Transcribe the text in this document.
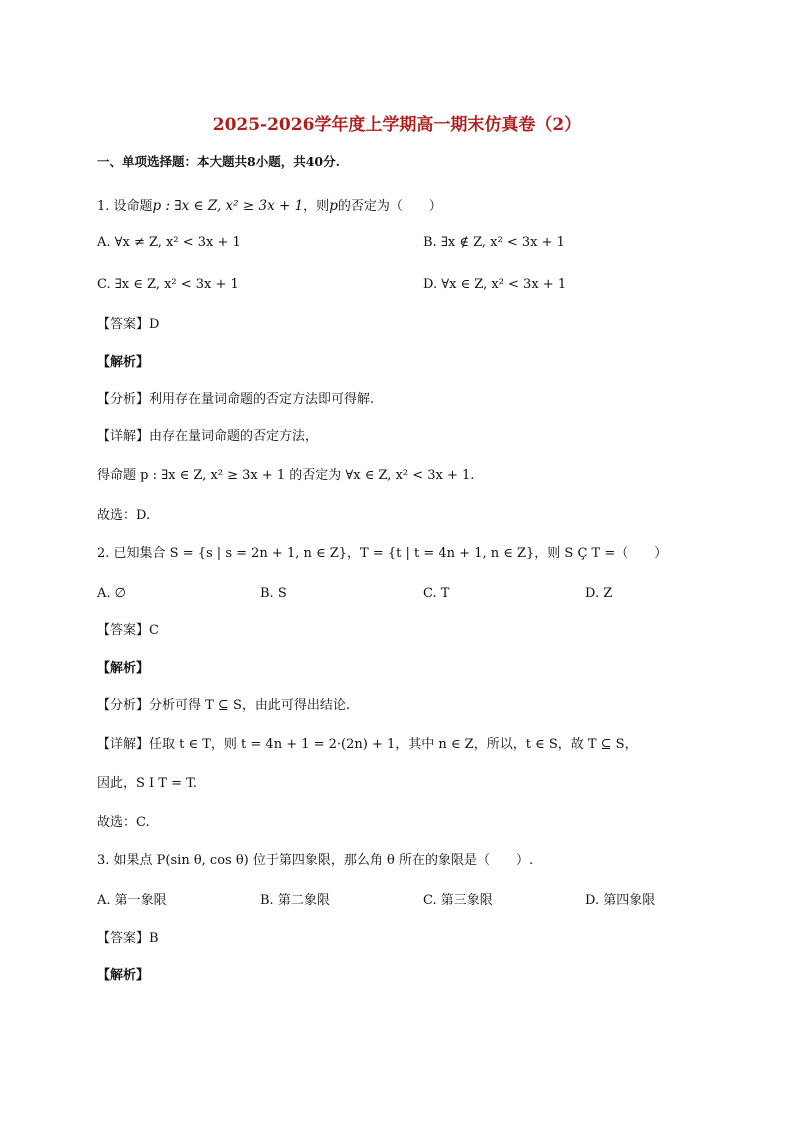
2025-2026学年度上学期高一期末仿真卷（2）
一、单项选择题：本大题共8小题，共40分.
1. 设命题p : ∃x ∈ Z, x² ≥ 3x + 1，则p的否定为（　　）
A. ∀x ≠ Z, x² < 3x + 1	B. ∃x ∉ Z, x² < 3x + 1
C. ∃x ∈ Z, x² < 3x + 1	D. ∀x ∈ Z, x² < 3x + 1
【答案】D
【解析】
【分析】利用存在量词命题的否定方法即可得解.
【详解】由存在量词命题的否定方法，
得命题 p : ∃x ∈ Z, x² ≥ 3x + 1 的否定为 ∀x ∈ Z, x² < 3x + 1.
故选：D.
2. 已知集合 S = {s | s = 2n + 1, n ∈ Z}，T = {t | t = 4n + 1, n ∈ Z}，则 S Ç T =（　　）
A. ∅	B. S	C. T	D. Z
【答案】C
【解析】
【分析】分析可得 T ⊆ S，由此可得出结论.
【详解】任取 t ∈ T，则 t = 4n + 1 = 2·(2n) + 1，其中 n ∈ Z，所以，t ∈ S，故 T ⊆ S，
因此，S I T = T.
故选：C.
3. 如果点 P(sin θ, cos θ) 位于第四象限，那么角 θ 所在的象限是（　　）.
A. 第一象限	B. 第二象限	C. 第三象限	D. 第四象限
【答案】B
【解析】
